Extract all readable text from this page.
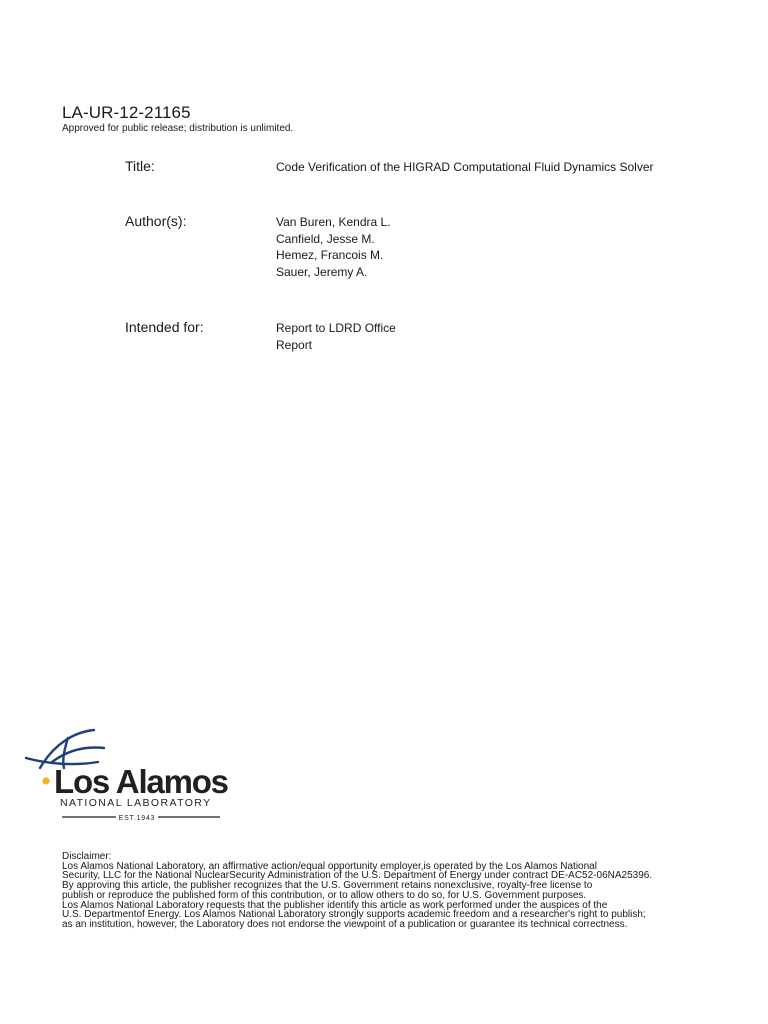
LA-UR-12-21165
Approved for public release; distribution is unlimited.
Title:	Code Verification of the HIGRAD Computational Fluid Dynamics Solver
Author(s):	Van Buren, Kendra L.
Canfield, Jesse M.
Hemez, Francois M.
Sauer, Jeremy A.
Intended for:	Report to LDRD Office
Report
Los Alamos
NATIONAL LABORATORY
EST.1943
Disclaimer:
Los Alamos National Laboratory, an affirmative action/equal opportunity employer,is operated by the Los Alamos National
Security, LLC for the National NuclearSecurity Administration of the U.S. Department of Energy under contract DE-AC52-06NA25396.
By approving this article, the publisher recognizes that the U.S. Government retains nonexclusive, royalty-free license to
publish or reproduce the published form of this contribution, or to allow others to do so, for U.S. Government purposes.
Los Alamos National Laboratory requests that the publisher identify this article as work performed under the auspices of the
U.S. Departmentof Energy. Los Alamos National Laboratory strongly supports academic freedom and a researcher's right to publish;
as an institution, however, the Laboratory does not endorse the viewpoint of a publication or guarantee its technical correctness.
